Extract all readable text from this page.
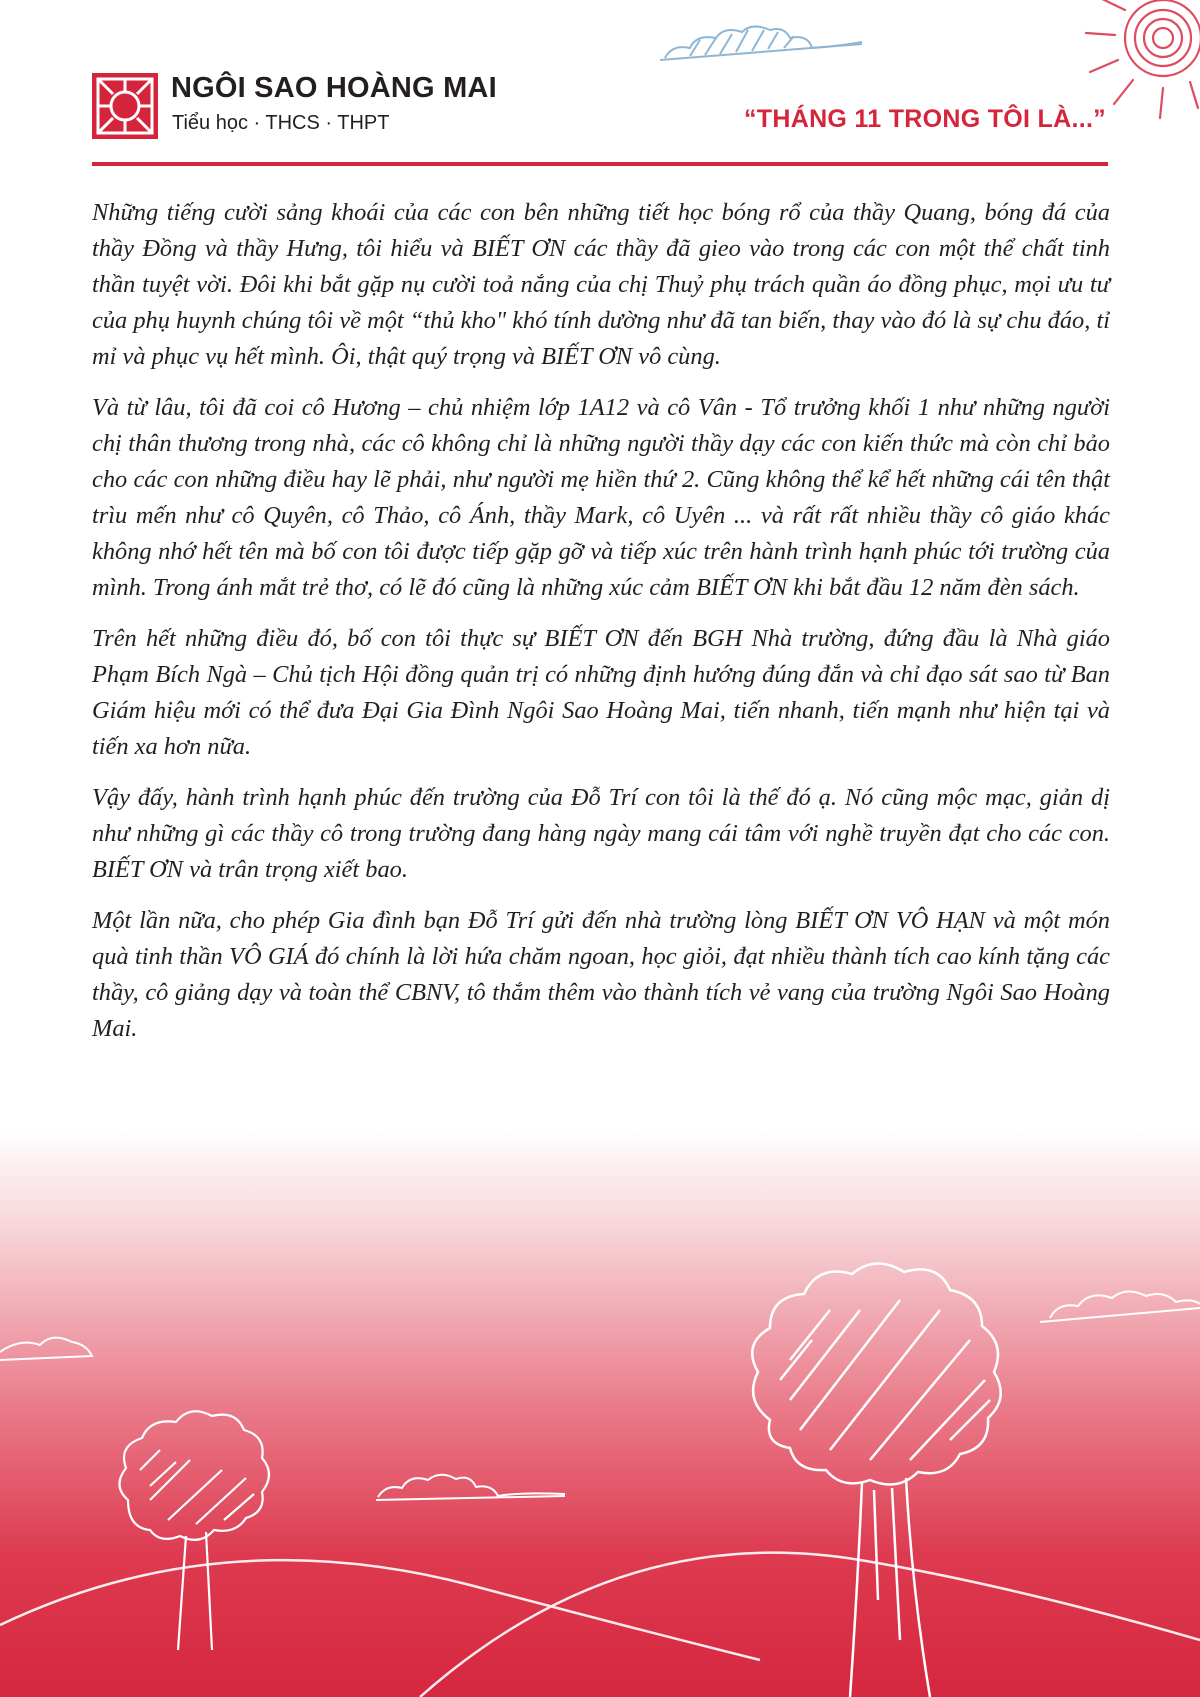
NGÔI SAO HOÀNG MAI
Tiểu học · THCS · THPT	“THÁNG 11 TRONG TÔI LÀ...”

Những tiếng cười sảng khoái của các con bên những tiết học bóng rổ của thầy Quang, bóng đá của thầy Đồng và thầy Hưng, tôi hiểu và BIẾT ƠN các thầy đã gieo vào trong các con một thể chất tinh thần tuyệt vời. Đôi khi bắt gặp nụ cười toả nắng của chị Thuỷ phụ trách quần áo đồng phục, mọi ưu tư của phụ huynh chúng tôi về một “thủ kho" khó tính dường như đã tan biến, thay vào đó là sự chu đáo, tỉ mỉ và phục vụ hết mình. Ôi, thật quý trọng và BIẾT ƠN vô cùng.

Và từ lâu, tôi đã coi cô Hương – chủ nhiệm lớp 1A12 và cô Vân - Tổ trưởng khối 1 như những người chị thân thương trong nhà, các cô không chỉ là những người thầy dạy các con kiến thức mà còn chỉ bảo cho các con những điều hay lẽ phải, như người mẹ hiền thứ 2. Cũng không thể kể hết những cái tên thật trìu mến như cô Quyên, cô Thảo, cô Ánh, thầy Mark, cô Uyên ... và rất rất nhiều thầy cô giáo khác không nhớ hết tên mà bố con tôi được tiếp gặp gỡ và tiếp xúc trên hành trình hạnh phúc tới trường của mình. Trong ánh mắt trẻ thơ, có lẽ đó cũng là những xúc cảm BIẾT ƠN khi bắt đầu 12 năm đèn sách.

Trên hết những điều đó, bố con tôi thực sự BIẾT ƠN đến BGH Nhà trường, đứng đầu là Nhà giáo Phạm Bích Ngà – Chủ tịch Hội đồng quản trị có những định hướng đúng đắn và chỉ đạo sát sao từ Ban Giám hiệu mới có thể đưa Đại Gia Đình Ngôi Sao Hoàng Mai, tiến nhanh, tiến mạnh như hiện tại và tiến xa hơn nữa.

Vậy đấy, hành trình hạnh phúc đến trường của Đỗ Trí con tôi là thế đó ạ. Nó cũng mộc mạc, giản dị như những gì các thầy cô trong trường đang hàng ngày mang cái tâm với nghề truyền đạt cho các con. BIẾT ƠN và trân trọng xiết bao.

Một lần nữa, cho phép Gia đình bạn Đỗ Trí gửi đến nhà trường lòng BIẾT ƠN VÔ HẠN và một món quà tinh thần VÔ GIÁ đó chính là lời hứa chăm ngoan, học giỏi, đạt nhiều thành tích cao kính tặng các thầy, cô giảng dạy và toàn thể CBNV, tô thắm thêm vào thành tích vẻ vang của trường Ngôi Sao Hoàng Mai.
